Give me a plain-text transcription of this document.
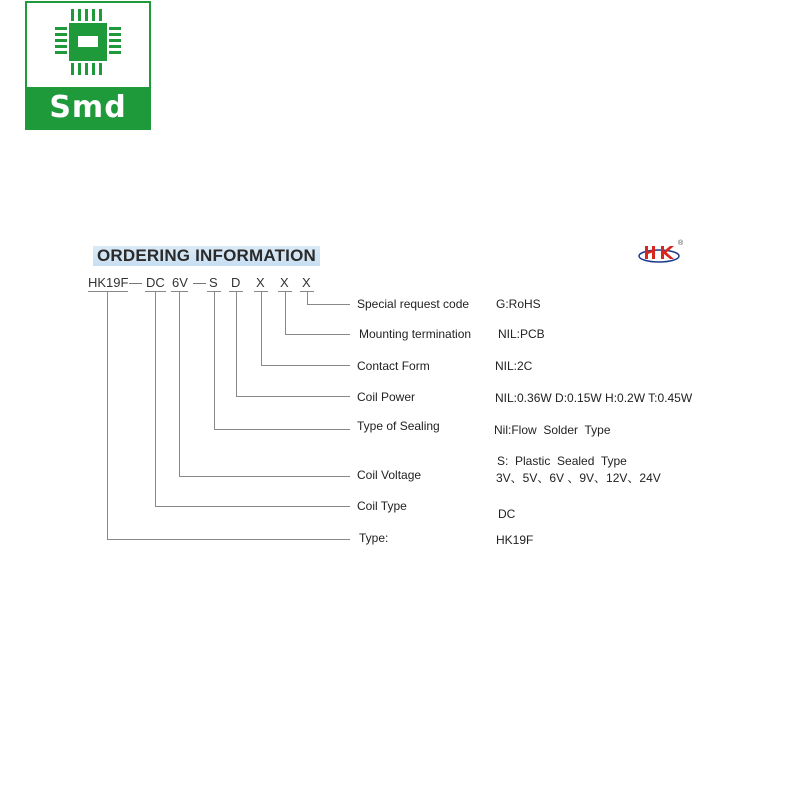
Smd
ORDERING INFORMATION
®
HK19F — DC 6V — S D X X X
Special request code
Mounting termination
Contact Form
Coil Power
Type of Sealing
Coil Voltage
Coil Type
Type:
G:RoHS
NIL:PCB
NIL:2C
NIL:0.36W D:0.15W H:0.2W T:0.45W
Nil:Flow  Solder  Type
S:  Plastic  Sealed  Type
3V、5V、6V 、9V、12V、24V
DC
HK19F
